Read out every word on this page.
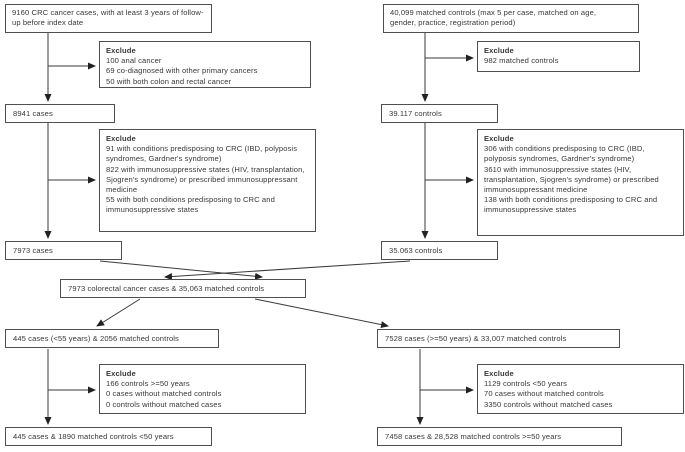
9160 CRC cancer cases, with at least 3 years of follow-up before index date
40,099 matched controls (max 5 per case, matched on age, gender, practice, registration period)
Exclude
100 anal cancer
69 co-diagnosed with other primary cancers
50 with both colon and rectal cancer
Exclude
982 matched controls
8941 cases	39.117 controls
Exclude
91 with conditions predisposing to CRC (IBD, polyposis syndromes, Gardner's syndrome)
822 with immunosuppressive states (HIV, transplantation, Sjogren's syndrome) or prescribed immunosuppressant medicine
55 with both conditions predisposing to CRC and immunosuppressive states
Exclude
306 with conditions predisposing to CRC (IBD, polyposis syndromes, Gardner's syndrome)
3610 with immunosuppressive states (HIV, transplantation, Sjogren's syndrome) or prescribed immunosuppressant medicine
138 with both conditions predisposing to CRC and immunosuppressive states
7973 cases	35.063 controls
7973 colorectal cancer cases & 35,063 matched controls
445 cases (<55 years) & 2056 matched controls	7528 cases (>=50 years) & 33,007 matched controls
Exclude
166 controls >=50 years
0 cases without matched controls
0 controls without matched cases
Exclude
1129 controls <50 years
70 cases without matched controls
3350 controls without matched cases
445 cases & 1890 matched controls <50 years	7458 cases & 28,528 matched controls >=50 years
